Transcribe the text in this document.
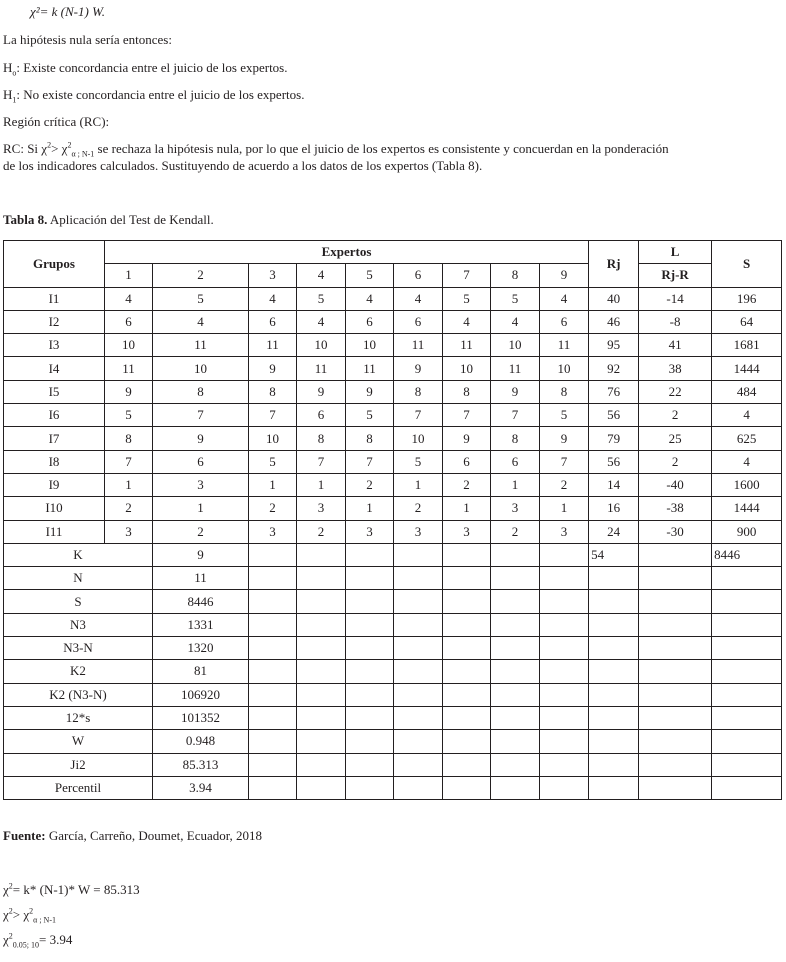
χ²= k (N-1) W.
La hipótesis nula sería entonces:
$H_o$: Existe concordancia entre el juicio de los expertos.
$H_1$: No existe concordancia entre el juicio de los expertos.
Región crítica (RC):
RC: Si $\chi^2> \chi^2_{\alpha ; N-1}$ se rechaza la hipótesis nula, por lo que el juicio de los expertos es consistente y concuerdan en la ponderación
de los indicadores calculados. Sustituyendo de acuerdo a los datos de los expertos (Tabla 8).
Tabla 8. Aplicación del Test de Kendall.
Grupos	Expertos									Rj	L	S
	1	2	3	4	5	6	7	8	9		Rj-R	
I1	4	5	4	5	4	4	5	5	4	40	-14	196
I2	6	4	6	4	6	6	4	4	6	46	-8	64
I3	10	11	11	10	10	11	11	10	11	95	41	1681
I4	11	10	9	11	11	9	10	11	10	92	38	1444
I5	9	8	8	9	9	8	8	9	8	76	22	484
I6	5	7	7	6	5	7	7	7	5	56	2	4
I7	8	9	10	8	8	10	9	8	9	79	25	625
I8	7	6	5	7	7	5	6	6	7	56	2	4
I9	1	3	1	1	2	1	2	1	2	14	-40	1600
I10	2	1	2	3	1	2	1	3	1	16	-38	1444
I11	3	2	3	2	3	3	3	2	3	24	-30	900
K		9								54		8446
N		11										
S		8446										
N3		1331										
N3-N		1320										
K2		81										
K2 (N3-N)		106920										
12*s		101352										
W		0.948										
Ji2		85.313										
Percentil		3.94										
Fuente: García, Carreño, Doumet, Ecuador, 2018
$\chi^2= k*$ (N-1)* W = 85.313
$\chi^2> \chi^2_{\alpha ; N-1}$
$\chi^2_{0.05; 10}= 3.94$
